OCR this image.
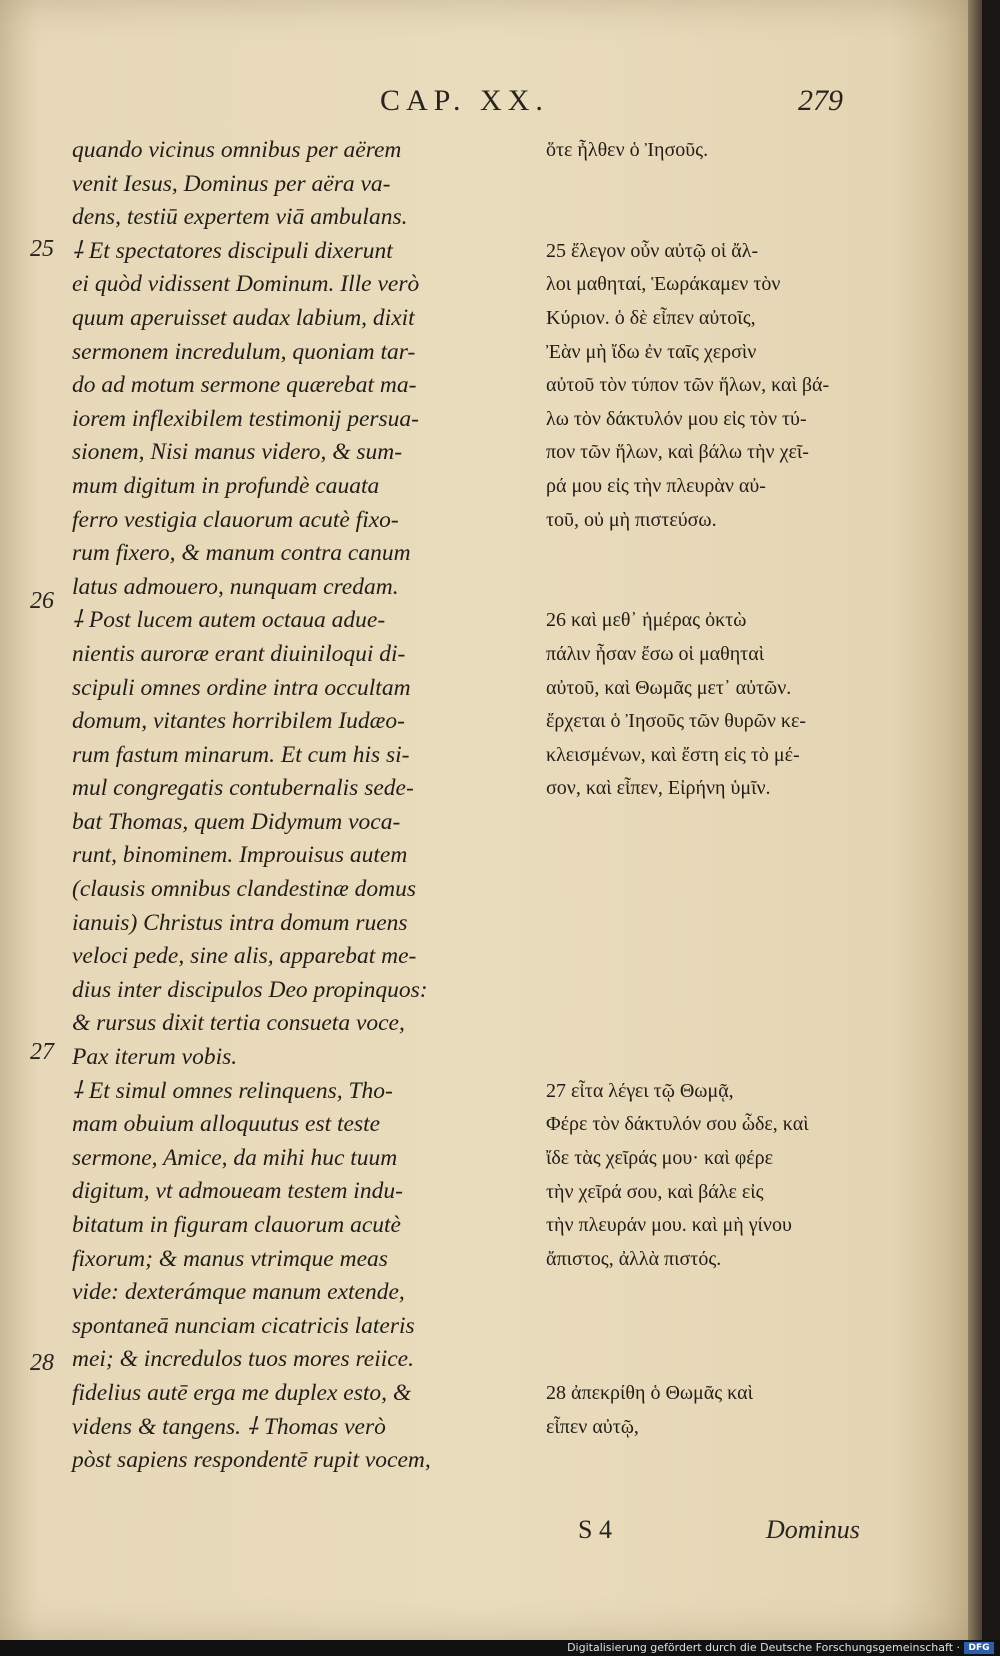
CAP. XX.	279
25
26
27
28
quando vicinus omnibus per aërem
venit Iesus, Dominus per aëra va-
dens, testiū expertem viā ambulans.
⸸ Et spectatores discipuli dixerunt
ei quòd vidissent Dominum. Ille verò
quum aperuisset audax labium, dixit
sermonem incredulum, quoniam tar-
do ad motum sermone quærebat ma-
iorem inflexibilem testimonij persua-
sionem, Nisi manus videro, & sum-
mum digitum in profundè cauata
ferro vestigia clauorum acutè fixo-
rum fixero, & manum contra canum
latus admouero, nunquam credam.
⸸ Post lucem autem octaua adue-
nientis auroræ erant diuiniloqui di-
scipuli omnes ordine intra occultam
domum, vitantes horribilem Iudæo-
rum fastum minarum. Et cum his si-
mul congregatis contubernalis sede-
bat Thomas, quem Didymum voca-
runt, binominem. Improuisus autem
(clausis omnibus clandestinæ domus
ianuis) Christus intra domum ruens
veloci pede, sine alis, apparebat me-
dius inter discipulos Deo propinquos:
& rursus dixit tertia consueta voce,
Pax iterum vobis.
⸸ Et simul omnes relinquens, Tho-
mam obuium alloquutus est teste
sermone, Amice, da mihi huc tuum
digitum, vt admoueam testem indu-
bitatum in figuram clauorum acutè
fixorum; & manus vtrimque meas
vide: dexterámque manum extende,
spontaneā nunciam cicatricis lateris
mei; & incredulos tuos mores reiice.
fidelius autē erga me duplex esto, &
videns & tangens. ⸸ Thomas verò
pòst sapiens respondentē rupit vocem,
ὅτε ἦλθεν ὁ Ἰησοῦς.
25 ἔλεγον οὖν αὐτῷ οἱ ἄλ-
λοι μαθηταί, Ἑωράκαμεν τὸν
Κύριον. ὁ δὲ εἶπεν αὐτοῖς,
Ἐὰν μὴ ἴδω ἐν ταῖς χερσὶν
αὐτοῦ τὸν τύπον τῶν ἥλων, καὶ βά-
λω τὸν δάκτυλόν μου εἰς τὸν τύ-
πον τῶν ἥλων, καὶ βάλω τὴν χεῖ-
ρά μου εἰς τὴν πλευρὰν αὐ-
τοῦ, οὐ μὴ πιστεύσω.
26 καὶ μεθ᾿ ἡμέρας ὀκτὼ
πάλιν ἦσαν ἔσω οἱ μαθηταὶ
αὐτοῦ, καὶ Θωμᾶς μετ᾿ αὐτῶν.
ἔρχεται ὁ Ἰησοῦς τῶν θυρῶν κε-
κλεισμένων, καὶ ἔστη εἰς τὸ μέ-
σον, καὶ εἶπεν, Εἰρήνη ὑμῖν.
27 εἶτα λέγει τῷ Θωμᾷ,
Φέρε τὸν δάκτυλόν σου ὧδε, καὶ
ἴδε τὰς χεῖράς μου· καὶ φέρε
τὴν χεῖρά σου, καὶ βάλε εἰς
τὴν πλευράν μου. καὶ μὴ γίνου
ἄπιστος, ἀλλὰ πιστός.
28 ἀπεκρίθη ὁ Θωμᾶς καὶ
εἶπεν αὐτῷ,
S 4	Dominus
Digitalisierung gefördert durch die Deutsche Forschungsgemeinschaft · DFG
